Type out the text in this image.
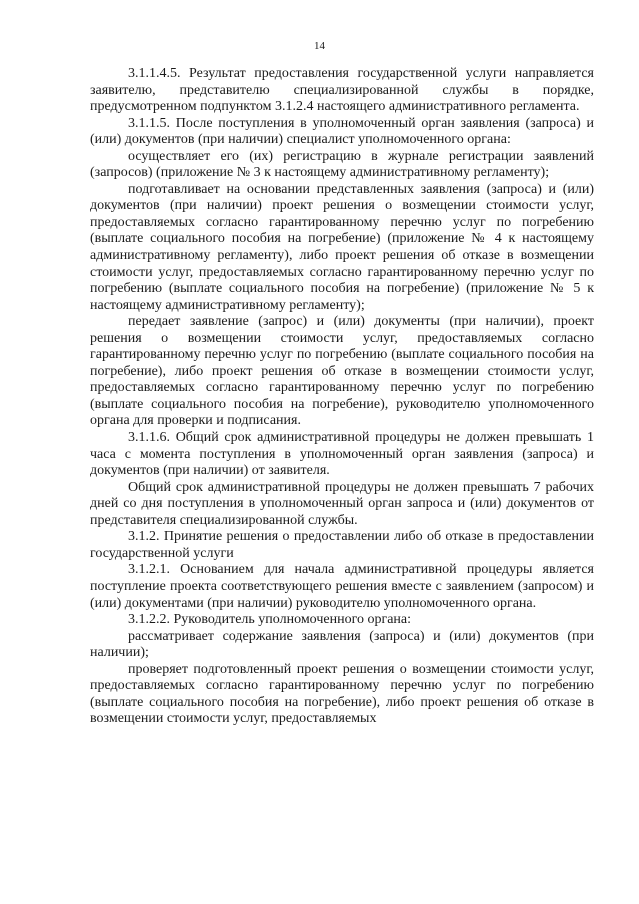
14

3.1.1.4.5. Результат предоставления государственной услуги направляется заявителю, представителю специализированной службы в порядке, предусмотренном подпунктом 3.1.2.4 настоящего административного регламента.

3.1.1.5. После поступления в уполномоченный орган заявления (запроса) и (или) документов (при наличии) специалист уполномоченного органа:

осуществляет его (их) регистрацию в журнале регистрации заявлений (запросов) (приложение № 3 к настоящему административному регламенту);

подготавливает на основании представленных заявления (запроса) и (или) документов (при наличии) проект решения о возмещении стоимости услуг, предоставляемых согласно гарантированному перечню услуг по погребению (выплате социального пособия на погребение) (приложение № 4 к настоящему административному регламенту), либо проект решения об отказе в возмещении стоимости услуг, предоставляемых согласно гарантированному перечню услуг по погребению (выплате социального пособия на погребение) (приложение № 5 к настоящему административному регламенту);

передает заявление (запрос) и (или) документы (при наличии), проект решения о возмещении стоимости услуг, предоставляемых согласно гарантированному перечню услуг по погребению (выплате социального пособия на погребение), либо проект решения об отказе в возмещении стоимости услуг, предоставляемых согласно гарантированному перечню услуг по погребению (выплате социального пособия на погребение), руководителю уполномоченного органа для проверки и подписания.

3.1.1.6. Общий срок административной процедуры не должен превышать 1 часа с момента поступления в уполномоченный орган заявления (запроса) и документов (при наличии) от заявителя.

Общий срок административной процедуры не должен превышать 7 рабочих дней со дня поступления в уполномоченный орган запроса и (или) документов от представителя специализированной службы.

3.1.2. Принятие решения о предоставлении либо об отказе в предоставлении государственной услуги

3.1.2.1. Основанием для начала административной процедуры является поступление проекта соответствующего решения вместе с заявлением (запросом) и (или) документами (при наличии) руководителю уполномоченного органа.

3.1.2.2. Руководитель уполномоченного органа:

рассматривает содержание заявления (запроса) и (или) документов (при наличии);

проверяет подготовленный проект решения о возмещении стоимости услуг, предоставляемых согласно гарантированному перечню услуг по погребению (выплате социального пособия на погребение), либо проект решения об отказе в возмещении стоимости услуг, предоставляемых
